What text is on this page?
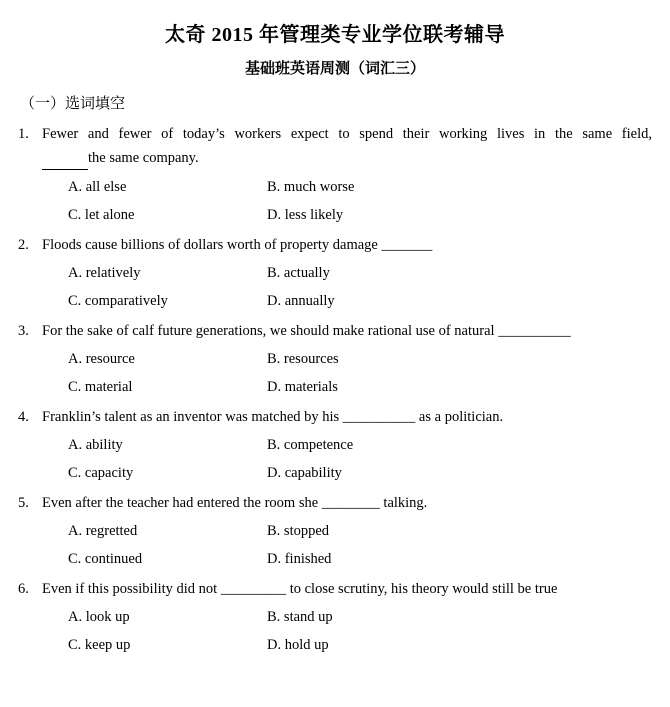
太奇 2015 年管理类专业学位联考辅导
基础班英语周测（词汇三）
（一）选词填空
1. Fewer and fewer of today’s workers expect to spend their working lives in the same field,
the same company.
A. all else	B. much worse
C. let alone	D. less likely
2. Floods cause billions of dollars worth of property damage _______
A. relatively	B. actually
C. comparatively	D. annually
3. For the sake of calf future generations, we should make rational use of natural __________
A. resource	B. resources
C. material	D. materials
4. Franklin’s talent as an inventor was matched by his __________ as a politician.
A. ability	B. competence
C. capacity	D. capability
5. Even after the teacher had entered the room she ________ talking.
A. regretted	B. stopped
C. continued	D. finished
6. Even if this possibility did not _________ to close scrutiny, his theory would still be true
A. look up	B. stand up
C. keep up	D. hold up
